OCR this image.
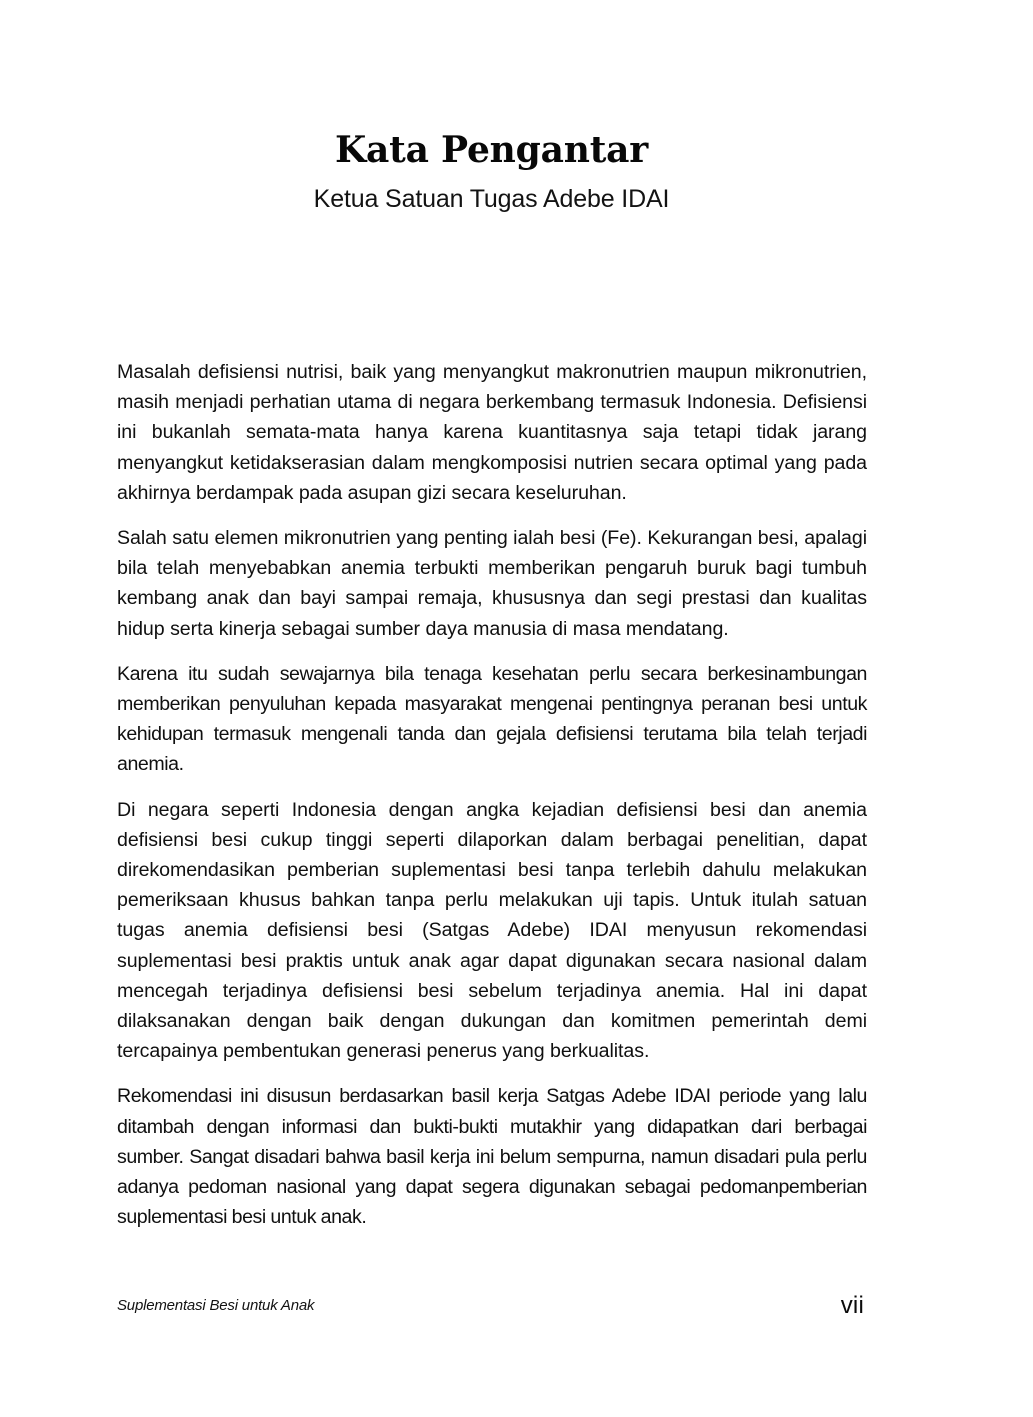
Kata Pengantar
Ketua Satuan Tugas Adebe IDAI

Masalah defisiensi nutrisi, baik yang menyangkut makronutrien maupun mikronutrien, masih menjadi perhatian utama di negara berkembang termasuk Indonesia. Defisiensi ini bukanlah semata-mata hanya karena kuantitasnya saja tetapi tidak jarang menyangkut ketidakserasian dalam mengkomposisi nutrien secara optimal yang pada akhirnya berdampak pada asupan gizi secara keseluruhan.

Salah satu elemen mikronutrien yang penting ialah besi (Fe). Kekurangan besi, apalagi bila telah menyebabkan anemia terbukti memberikan pengaruh buruk bagi tumbuh kembang anak dan bayi sampai remaja, khususnya dan segi prestasi dan kualitas hidup serta kinerja sebagai sumber daya manusia di masa mendatang.

Karena itu sudah sewajarnya bila tenaga kesehatan perlu secara berkesinambungan memberikan penyuluhan kepada masyarakat mengenai pentingnya peranan besi untuk kehidupan termasuk mengenali tanda dan gejala defisiensi terutama bila telah terjadi anemia.

Di negara seperti Indonesia dengan angka kejadian defisiensi besi dan anemia defisiensi besi cukup tinggi seperti dilaporkan dalam berbagai penelitian, dapat direkomendasikan pemberian suplementasi besi tanpa terlebih dahulu melakukan pemeriksaan khusus bahkan tanpa perlu melakukan uji tapis. Untuk itulah satuan tugas anemia defisiensi besi (Satgas Adebe) IDAI menyusun rekomendasi suplementasi besi praktis untuk anak agar dapat digunakan secara nasional dalam mencegah terjadinya defisiensi besi sebelum terjadinya anemia. Hal ini dapat dilaksanakan dengan baik dengan dukungan dan komitmen pemerintah demi tercapainya pembentukan generasi penerus yang berkualitas.

Rekomendasi ini disusun berdasarkan basil kerja Satgas Adebe IDAI periode yang lalu ditambah dengan informasi dan bukti-bukti mutakhir yang didapatkan dari berbagai sumber. Sangat disadari bahwa basil kerja ini belum sempurna, namun disadari pula perlu adanya pedoman nasional yang dapat segera digunakan sebagai pedomanpemberian suplementasi besi untuk anak.

Suplementasi Besi untuk Anak	vii
